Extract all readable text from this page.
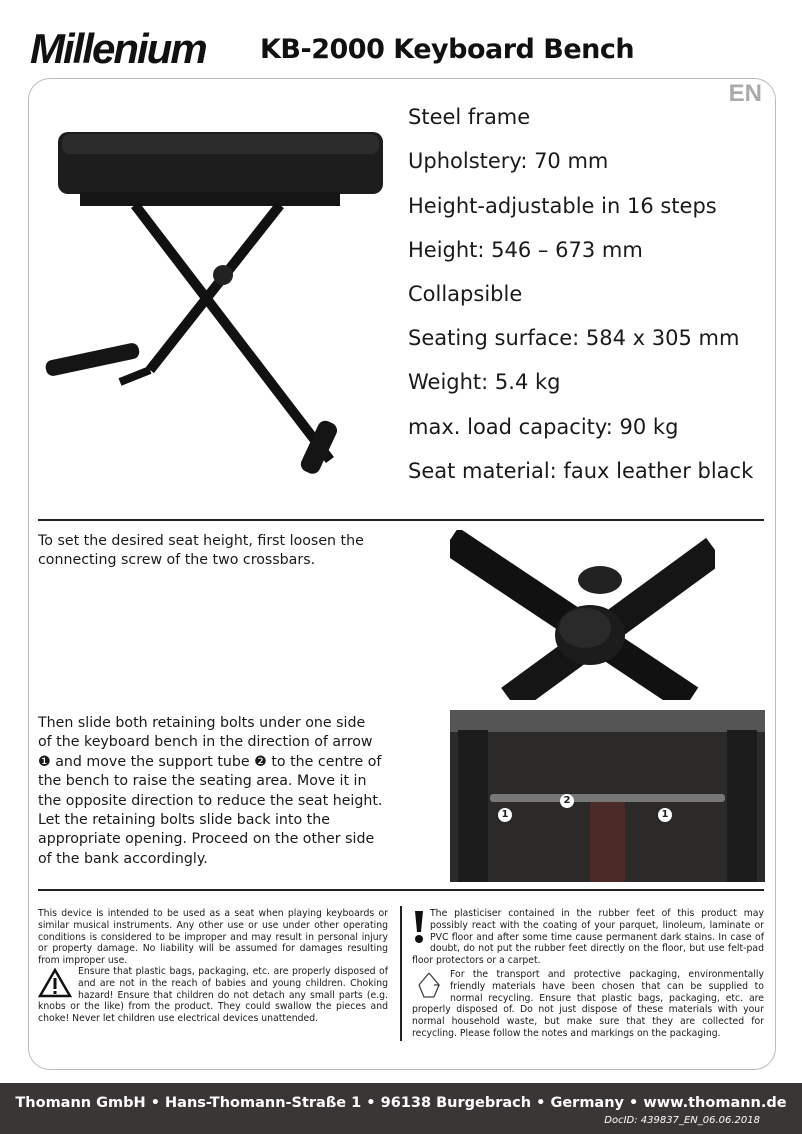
Millenium KB-2000 Keyboard Bench
EN
Steel frame
Upholstery: 70 mm
Height-adjustable in 16 steps
Height: 546 – 673 mm
Collapsible
Seating surface: 584 x 305 mm
Weight: 5.4 kg
max. load capacity: 90 kg
Seat material: faux leather black
To set the desired seat height, first loosen the connecting screw of the two crossbars.
Then slide both retaining bolts under one side of the keyboard bench in the direction of arrow ❶ and move the support tube ❷ to the centre of the bench to raise the seating area. Move it in the opposite direction to reduce the seat height. Let the retaining bolts slide back into the appropriate opening. Proceed on the other side of the bank accordingly.
1
2
1
This device is intended to be used as a seat when playing keyboards or similar musical instruments. Any other use or use under other operating conditions is considered to be improper and may result in personal injury or property damage. No liability will be assumed for damages resulting from improper use.
Ensure that plastic bags, packaging, etc. are properly disposed of and are not in the reach of babies and young children. Choking hazard! Ensure that children do not detach any small parts (e.g. knobs or the like) from the product. They could swallow the pieces and choke! Never let children use electrical devices unattended.
The plasticiser contained in the rubber feet of this product may possibly react with the coating of your parquet, linoleum, laminate or PVC floor and after some time cause permanent dark stains. In case of doubt, do not put the rubber feet directly on the floor, but use felt-pad floor protectors or a carpet.
For the transport and protective packaging, environmentally friendly materials have been chosen that can be supplied to normal recycling. Ensure that plastic bags, packaging, etc. are properly disposed of. Do not just dispose of these materials with your normal household waste, but make sure that they are collected for recycling. Please follow the notes and markings on the packaging.
Thomann GmbH • Hans-Thomann-Straße 1 • 96138 Burgebrach • Germany • www.thomann.de
DocID: 439837_EN_06.06.2018
